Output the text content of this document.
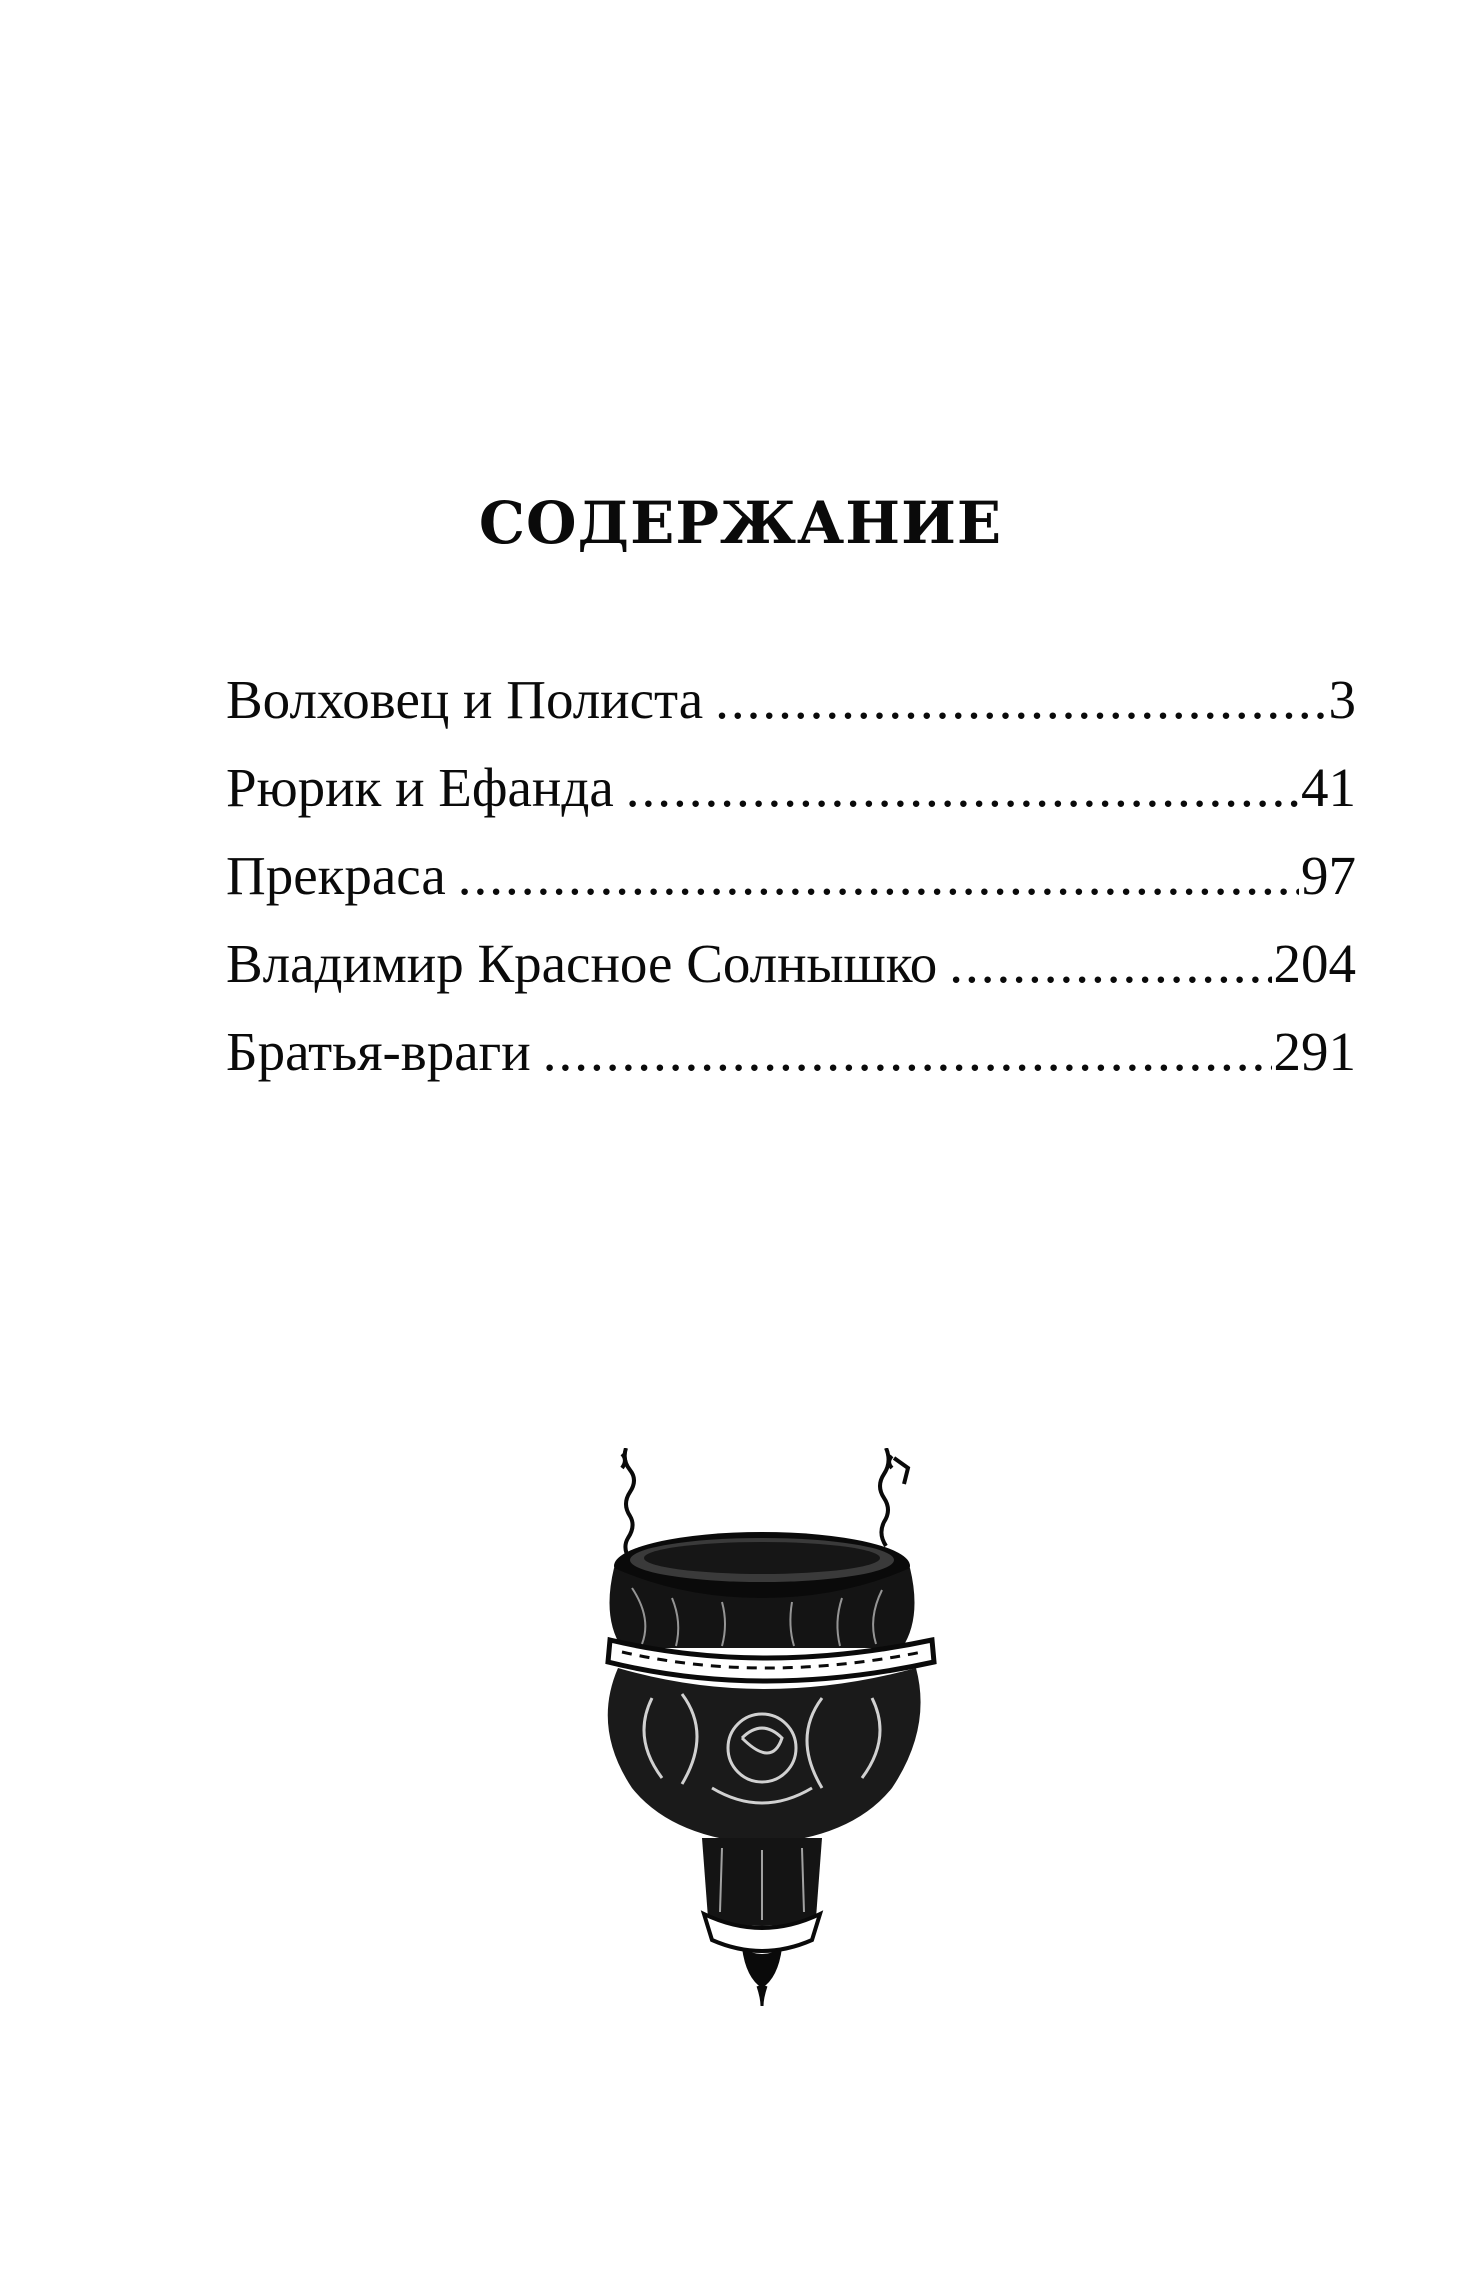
СОДЕРЖАНИЕ
Волховец и Полиста .....	3
Рюрик и Ефанда .....	41
Прекраса .....	97
Владимир Красное Солнышко .....	204
Братья-враги .....	291
